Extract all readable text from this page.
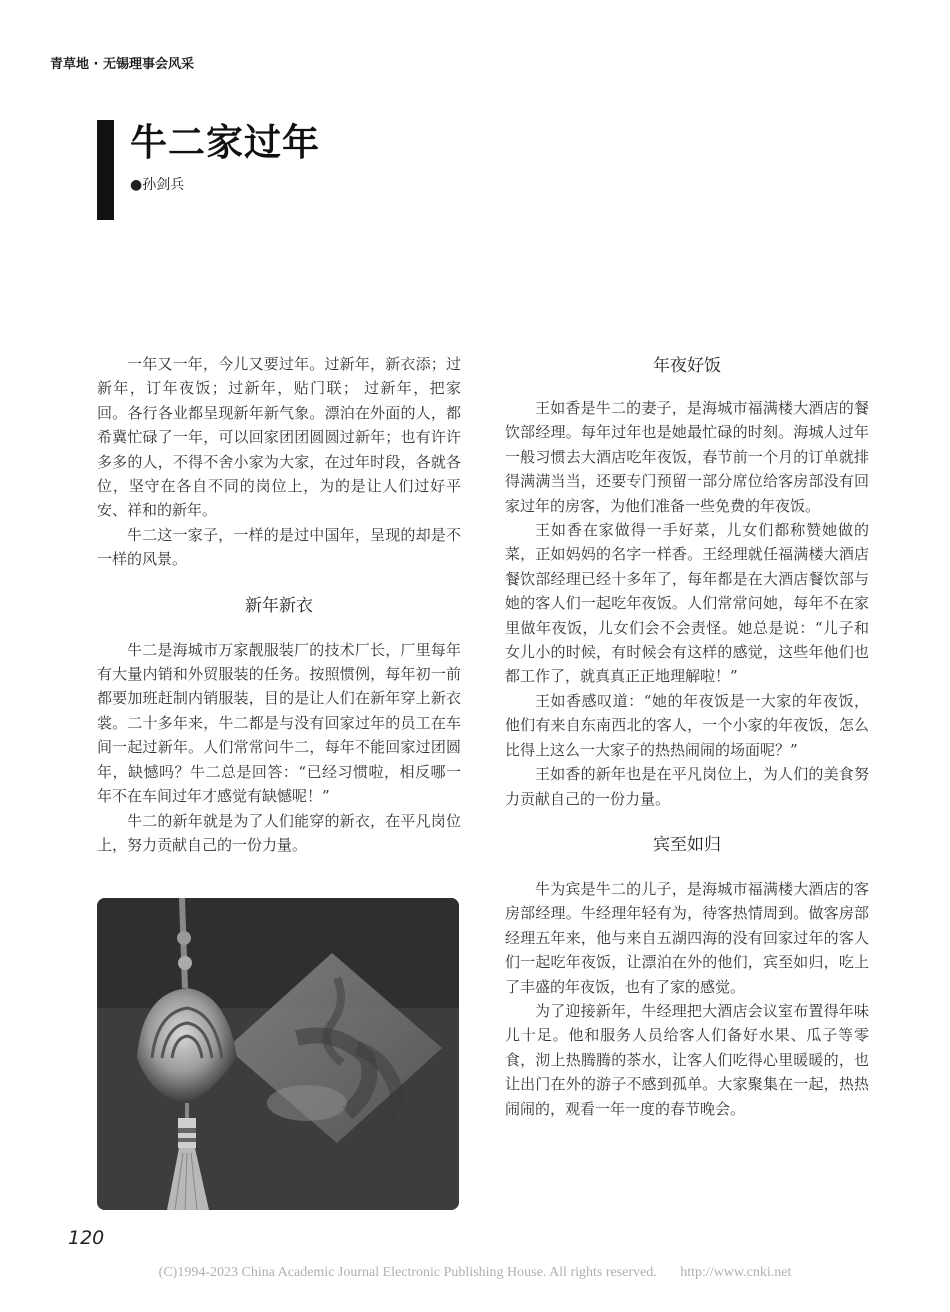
青草地 · 无锡理事会风采
牛二家过年
●孙剑兵

一年又一年，今儿又要过年。过新年，新衣添；过新年，订年夜饭；过新年，贴门联； 过新年，把家回。各行各业都呈现新年新气象。漂泊在外面的人，都希冀忙碌了一年，可以回家团团圆圆过新年；也有许许多多的人，不得不舍小家为大家，在过年时段，各就各位，坚守在各自不同的岗位上，为的是让人们过好平安、祥和的新年。

牛二这一家子，一样的是过中国年，呈现的却是不一样的风景。

新年新衣

牛二是海城市万家靓服装厂的技术厂长，厂里每年有大量内销和外贸服装的任务。按照惯例，每年初一前都要加班赶制内销服装，目的是让人们在新年穿上新衣裳。二十多年来，牛二都是与没有回家过年的员工在车间一起过新年。人们常常问牛二，每年不能回家过团圆年，缺憾吗？牛二总是回答：“已经习惯啦，相反哪一年不在车间过年才感觉有缺憾呢！”

牛二的新年就是为了人们能穿的新衣，在平凡岗位上，努力贡献自己的一份力量。

年夜好饭

王如香是牛二的妻子，是海城市福满楼大酒店的餐饮部经理。每年过年也是她最忙碌的时刻。海城人过年一般习惯去大酒店吃年夜饭，春节前一个月的订单就排得满满当当，还要专门预留一部分席位给客房部没有回家过年的房客，为他们准备一些免费的年夜饭。

王如香在家做得一手好菜，儿女们都称赞她做的菜，正如妈妈的名字一样香。王经理就任福满楼大酒店餐饮部经理已经十多年了，每年都是在大酒店餐饮部与她的客人们一起吃年夜饭。人们常常问她，每年不在家里做年夜饭，儿女们会不会责怪。她总是说：“儿子和女儿小的时候，有时候会有这样的感觉，这些年他们也都工作了，就真真正正地理解啦！”

王如香感叹道：“她的年夜饭是一大家的年夜饭，他们有来自东南西北的客人，一个小家的年夜饭，怎么比得上这么一大家子的热热闹闹的场面呢？”

王如香的新年也是在平凡岗位上，为人们的美食努力贡献自己的一份力量。

宾至如归

牛为宾是牛二的儿子，是海城市福满楼大酒店的客房部经理。牛经理年轻有为，待客热情周到。做客房部经理五年来，他与来自五湖四海的没有回家过年的客人们一起吃年夜饭，让漂泊在外的他们，宾至如归，吃上了丰盛的年夜饭，也有了家的感觉。

为了迎接新年，牛经理把大酒店会议室布置得年味儿十足。他和服务人员给客人们备好水果、瓜子等零食，沏上热腾腾的茶水，让客人们吃得心里暖暖的，也让出门在外的游子不感到孤单。大家聚集在一起，热热闹闹的，观看一年一度的春节晚会。

120
(C)1994-2023 China Academic Journal Electronic Publishing House. All rights reserved. http://www.cnki.net
